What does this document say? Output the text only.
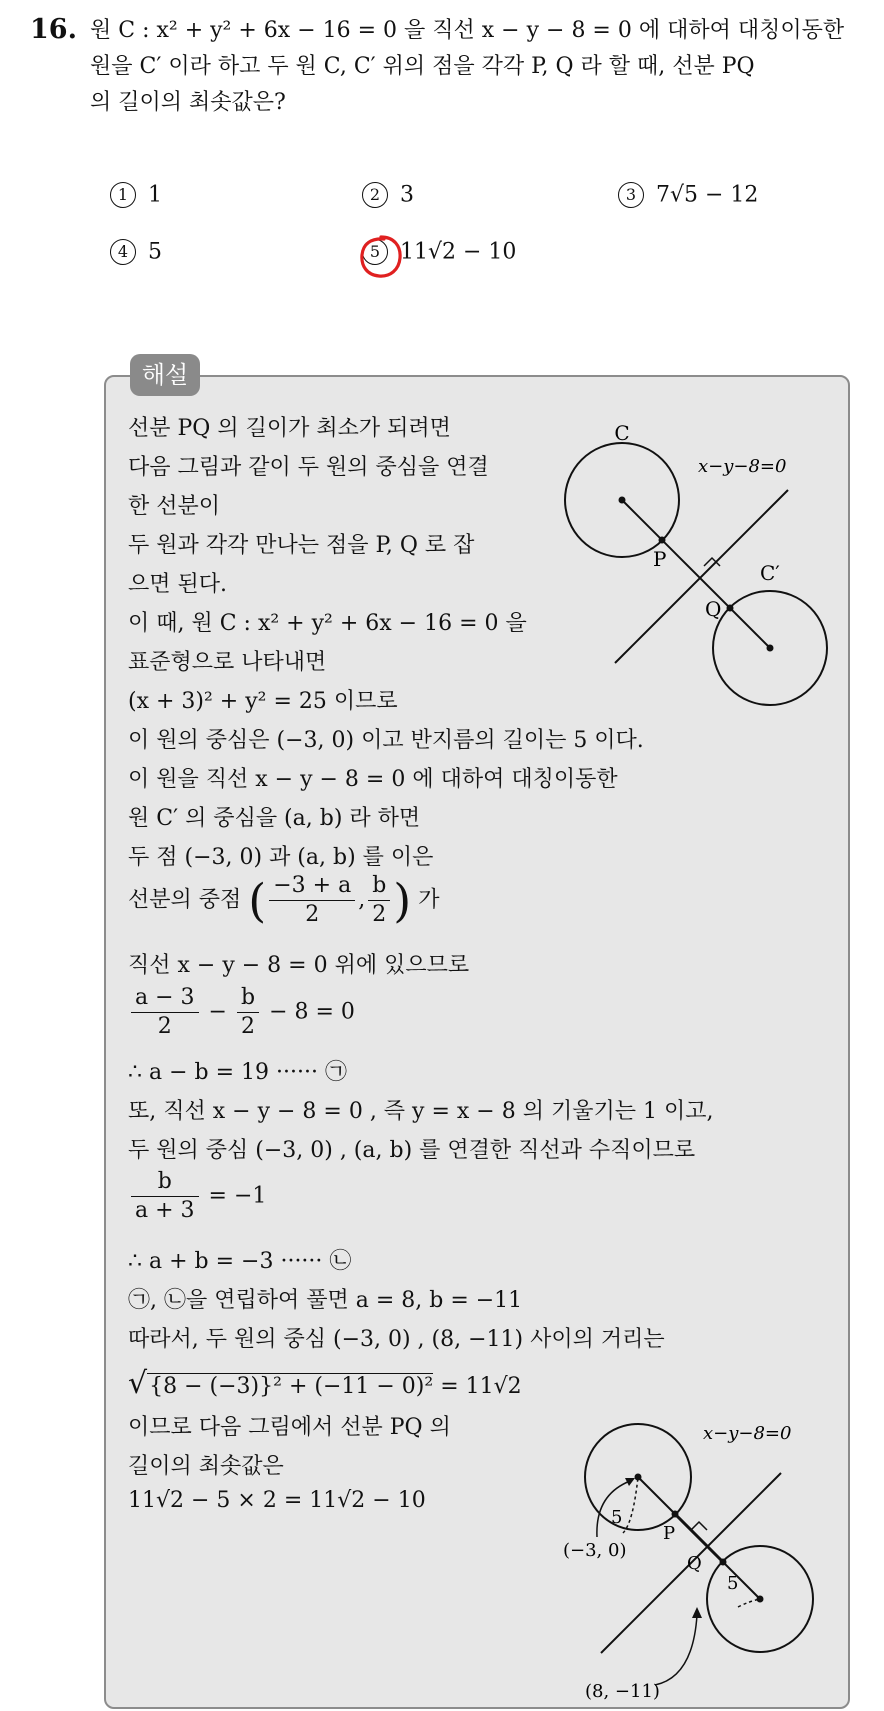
16. 원 C : x² + y² + 6x − 16 = 0 을 직선 x − y − 8 = 0 에 대하여 대칭이동한
원을 C′ 이라 하고 두 원 C, C′ 위의 점을 각각 P, Q 라 할 때, 선분 PQ
의 길이의 최솟값은?
1 1	2 3	3 7√5 − 12
4 5	5 11√2 − 10
해설
선분 PQ 의 길이가 최소가 되려면
다음 그림과 같이 두 원의 중심을 연결
한 선분이
두 원과 각각 만나는 점을 P, Q 로 잡
으면 된다.
이 때, 원 C : x² + y² + 6x − 16 = 0 을
표준형으로 나타내면
(x + 3)² + y² = 25 이므로
이 원의 중심은 (−3, 0) 이고 반지름의 길이는 5 이다.
이 원을 직선 x − y − 8 = 0 에 대하여 대칭이동한
원 C′ 의 중심을 (a, b) 라 하면
두 점 (−3, 0) 과 (a, b) 를 이은
선분의 중점 ( $\frac{-3 + a}{2}$ , $\frac{b}{2}$ ) 가
직선 x − y − 8 = 0 위에 있으므로
$\frac{a - 3}{2} - \frac{b}{2} - 8 = 0$
∴ a − b = 19 ······ ㉠
또, 직선 x − y − 8 = 0 , 즉 y = x − 8 의 기울기는 1 이고,
두 원의 중심 (−3, 0) , (a, b) 를 연결한 직선과 수직이므로
$\frac{b}{a + 3} = -1$
∴ a + b = −3 ······ ㉡
㉠, ㉡을 연립하여 풀면 a = 8, b = −11
따라서, 두 원의 중심 (−3, 0) , (8, −11) 사이의 거리는
√{8 − (−3)}² + (−11 − 0)² = 11√2
이므로 다음 그림에서 선분 PQ 의
길이의 최솟값은
11√2 − 5 × 2 = 11√2 − 10
C
C′
P
Q
x−y−8=0
5
5
P
Q
(−3, 0)
(8, −11)
x−y−8=0
